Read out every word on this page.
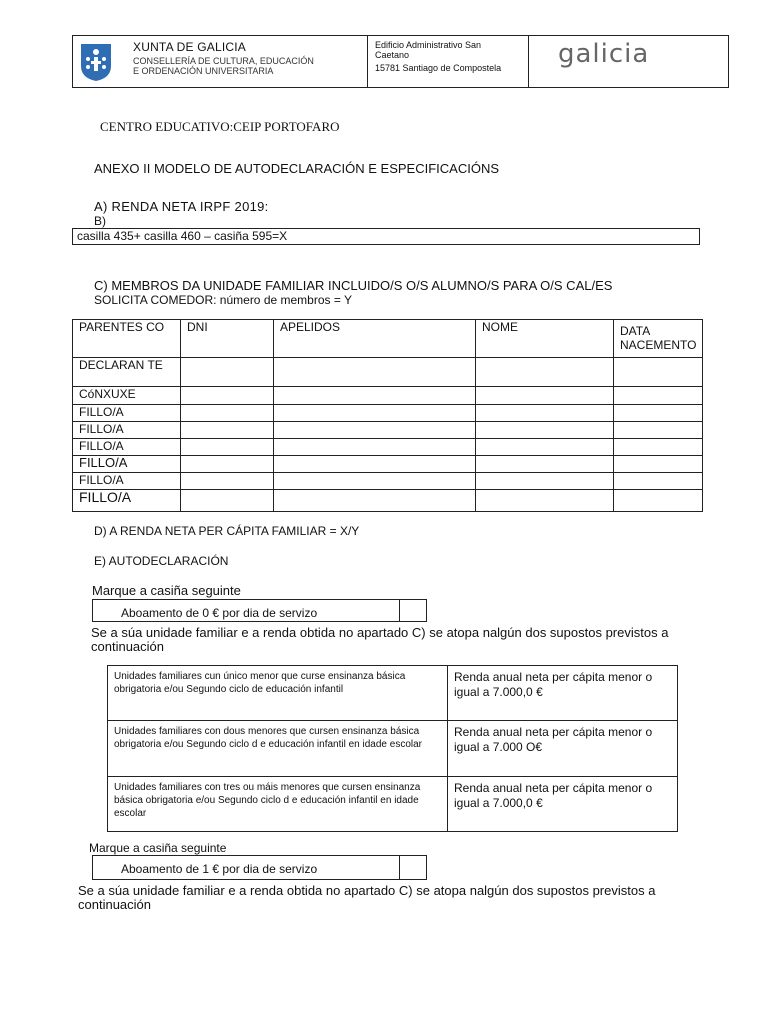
XUNTA DE GALICIA
CONSELLERÍA DE CULTURA, EDUCACIÓN
E ORDENACIÓN UNIVERSITARIA
Edificio Administrativo San
Caetano
15781 Santiago de Compostela galicia
CENTRO EDUCATIVO:CEIP PORTOFARO
ANEXO II MODELO DE AUTODECLARACIÓN E ESPECIFICACIÓNS
A) RENDA NETA IRPF 2019:
B)
casilla 435+ casilla 460 – casiña 595=X
C) MEMBROS DA UNIDADE FAMILIAR INCLUIDO/S O/S ALUMNO/S PARA O/S CAL/ES
SOLICITA COMEDOR: número de membros = Y
PARENTES CO	DNI	APELIDOS	NOME	DATA NACEMENTO
DECLARAN TE				
CóNXUXE				
FILLO/A				
FILLO/A				
FILLO/A				
FILLO/A				
FILLO/A				
FILLO/A				
D) A RENDA NETA PER CÁPITA FAMILIAR = X/Y
E) AUTODECLARACIÓN
Marque a casiña seguinte
Aboamento de 0 € por dia de servizo
Se a súa unidade familiar e a renda obtida no apartado C) se atopa nalgún dos supostos previstos a continuación
Unidades familiares cun único menor que curse ensinanza básica obrigatoria e/ou Segundo ciclo de educación infantil	Renda anual neta per cápita menor o igual a 7.000,0 €
Unidades familiares con dous menores que cursen ensinanza básica obrigatoria e/ou Segundo ciclo d e educación infantil en idade escolar	Renda anual neta per cápita menor o igual a 7.000 O€
Unidades familiares con tres ou máis menores que cursen ensinanza básica obrigatoria e/ou Segundo ciclo d e educación infantil en idade escolar	Renda anual neta per cápita menor o igual a 7.000,0 €
Marque a casiña seguinte
Aboamento de 1 € por dia de servizo
Se a súa unidade familiar e a renda obtida no apartado C) se atopa nalgún dos supostos previstos a continuación
